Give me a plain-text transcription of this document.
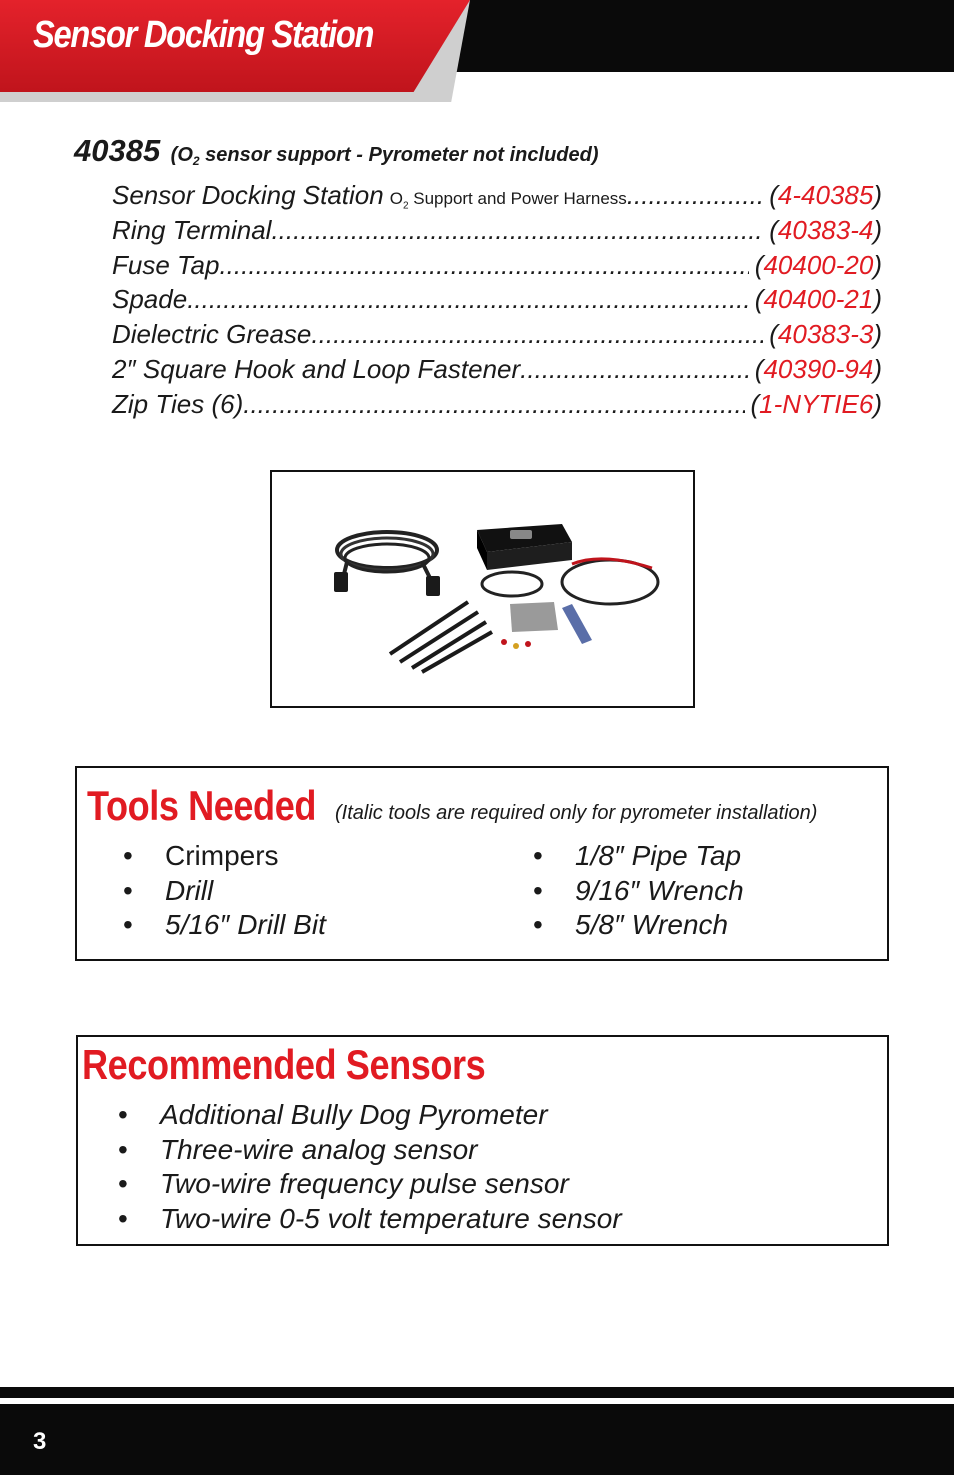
Sensor Docking Station
40385 ($O_2$ sensor support - Pyrometer not included)
Sensor Docking Station $O_2$ Support and Power Harness .....	(4-40385)
Ring Terminal .....	(40383-4)
Fuse Tap .....	(40400-20)
Spade .....	(40400-21)
Dielectric Grease .....	(40383-3)
2″ Square Hook and Loop Fastener .....	(40390-94)
Zip Ties (6) .....	(1-NYTIE6)
Tools Needed (Italic tools are required only for pyrometer installation)
• Crimpers
• Drill
• 5/16″ Drill Bit
• 1/8″ Pipe Tap
• 9/16″ Wrench
• 5/8″ Wrench
Recommended Sensors
• Additional Bully Dog Pyrometer
• Three-wire analog sensor
• Two-wire frequency pulse sensor
• Two-wire 0-5 volt temperature sensor
3
